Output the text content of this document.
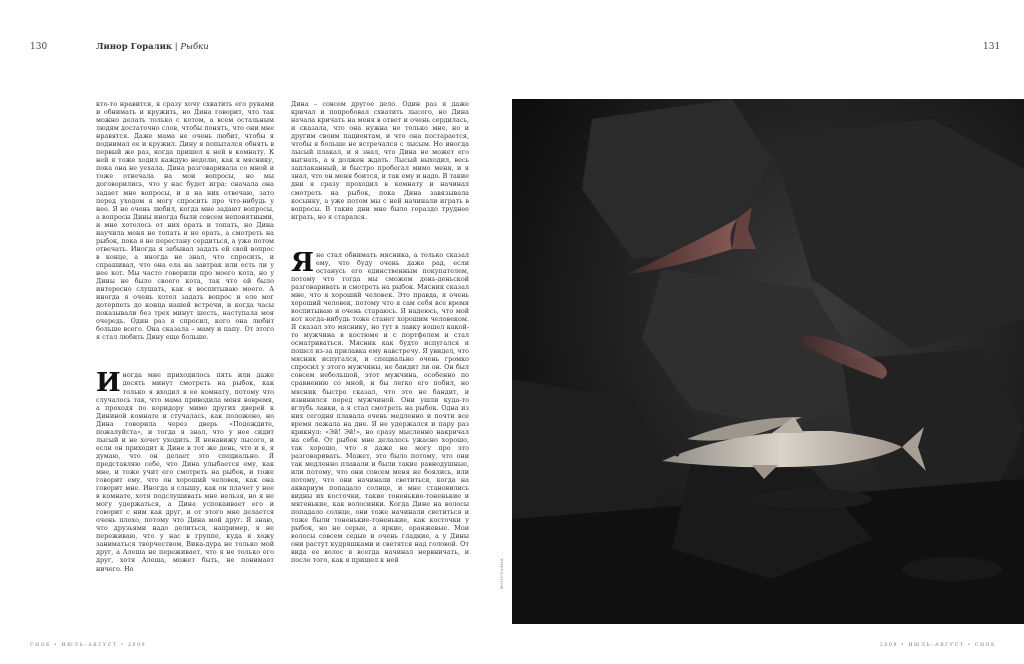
130	Линор Горалик | Рыбки	131

кто-то нравится, я сразу хочу схватить его руками и обнимать и кружить, но Дина говорит, что так можно делать только с котом, а всем остальным людям достаточно слов, чтобы понять, что они мне нравятся. Даже мама не очень любит, чтобы я поднимал ее и кружил. Дину я попытался обнять в первый же раз, когда пришел к ней в комнату. К ней я тоже ходил каждую неделю, как к мяснику, пока она не уехала. Дина разговаривала со мной и тоже отвечала на мои вопросы, но мы договорились, что у нас будет игра: сначала она задает мне вопросы, и я на них отвечаю, зато перед уходом я могу спросить про что-нибудь у нее. Я не очень любил, когда мне задают вопросы, а вопросы Дины иногда были совсем непонятными, и мне хотелось от них орать и топать, но Дина научила меня не топать и не орать, а смотреть на рыбок, пока я не перестану сердиться, а уже потом отвечать. Иногда я забывал задать ей свой вопрос в конце, а иногда не знал, что спросить, и спрашивал, что она ела на завтрак или есть ли у нее кот. Мы часто говорили про моего кота, но у Дины не было своего кота, так что ей было интересно слушать, как я воспитываю моего. А иногда я очень хотел задать вопрос и еле мог дотерпеть до конца нашей встречи, и когда часы показывали без трех минут шесть, наступала моя очередь. Один раз я спросил, кого она любит больше всего. Она сказала – маму и папу. От этого я стал любить Дину еще больше.

Иногда мне приходилось пять или даже десять минут смотреть на рыбок, как только я входил в ее комнату, потому что случалось так, что мама приводила меня вовремя, а проходя по коридору мимо других дверей к Дининой комнате и стучалась, как положено, но Дина говорила через дверь «Подождите, пожалуйста», и тогда я знал, что у нее сидит лысый и не хочет уходить. Я ненавижу лысого, и если он приходит к Дине в тот же день, что и я, я думаю, что он делает это специально. Я представляю себе, что Дина улыбается ему, как мне, и тоже учит его смотреть на рыбок, и тоже говорит ему, что он хороший человек, как она говорит мне. Иногда я слышу, как он плачет у нее в комнате, хотя подслушивать мне нельзя, но я не могу удержаться, а Дина успокаивает его и говорит с ним как друг, и от этого мне делается очень плохо, потому что Дина мой друг. Я знаю, что друзьями надо делиться, например, я не переживаю, что у нас в группе, куда я хожу заниматься творчеством, Вика-дура не только мой друг, а Алеша не переживает, что я не только его друг, хотя Алеша, может быть, не понимает ничего. Но

Дина – совсем другое дело. Один раз я даже кричал и попробовал схватить лысого, но Дина начала кричать на меня в ответ и очень сердилась, и сказала, что она нужна не только мне, но и другим своим пациентам, и что она постарается, чтобы я больше не встречался с лысым. Но иногда лысый плакал, и я знал, что Дина не может его выгнать, а я должен ждать. Лысый выходил, весь заплаканный, и быстро пробегал мимо меня, и я знал, что он меня боится, и так ему и надо. В такие дни я сразу проходил в комнату и начинал смотреть на рыбок, пока Дина завязывала косынку, а уже потом мы с ней начинали играть в вопросы. В такие дни мне было гораздо труднее играть, но я старался.

Яне стал обнимать мясника, а только сказал ему, что буду очень даже рад, если останусь его единственным покупателем, потому что тогда мы сможем день-деньской разговаривать и смотреть на рыбок. Мясник сказал мне, что я хороший человек. Это правда, я очень хороший человек, потому что я сам себя все время воспитываю и очень стараюсь. Я надеюсь, что мой кот когда-нибудь тоже станет хорошим человеком. Я сказал это мяснику, но тут в лавку вошел какой-то мужчина в костюме и с портфелем и стал осматриваться. Мясник как будто испугался и пошел из-за прилавка ему навстречу. Я увидел, что мясник испугался, и специально очень громко спросил у этого мужчины, не бандит ли он. Он был совсем небольшой, этот мужчина, особенно по сравнению со мной, и бы легко его побил, но мясник быстро сказал, что это не бандит, и извинился перед мужчиной. Они ушли куда-то вглубь лавки, а я стал смотреть на рыбок. Одна из них сегодня плавала очень медленно и почти все время лежала на дне. Я не удержался и пару раз крикнул: «Эй! Эй!», но сразу мысленно накричал на себя. От рыбок мне делалось ужасно хорошо, так хорошо, что я даже не могу про это разговаривать. Может, это было потому, что они так медленно плавали и были такие равнодушные, или потому, что они совсем меня не боялись, или потому, что они начинали светиться, когда на аквариум попадало солнце, и мне становились видны их косточки, такие тоненькие-тоненькие и мягенькие, как волосинки. Когда Дине на волосы попадало солнце, они тоже начинали светиться и тоже были тоненькие-тоненькие, как косточки у рыбок, но не серые, а яркие, оранжевые. Мои волосы совсем седые и очень гладкие, а у Дины они растут кудряшками и светятся над головой. От вида ее волос я всегда начинал нервничать, и после того, как я пришел к ней	ФОТОГРАФИЯ: ...
СНОБ • ИЮЛЬ–АВГУСТ • 2009	2009 • ИЮЛЬ–АВГУСТ • СНОБ
